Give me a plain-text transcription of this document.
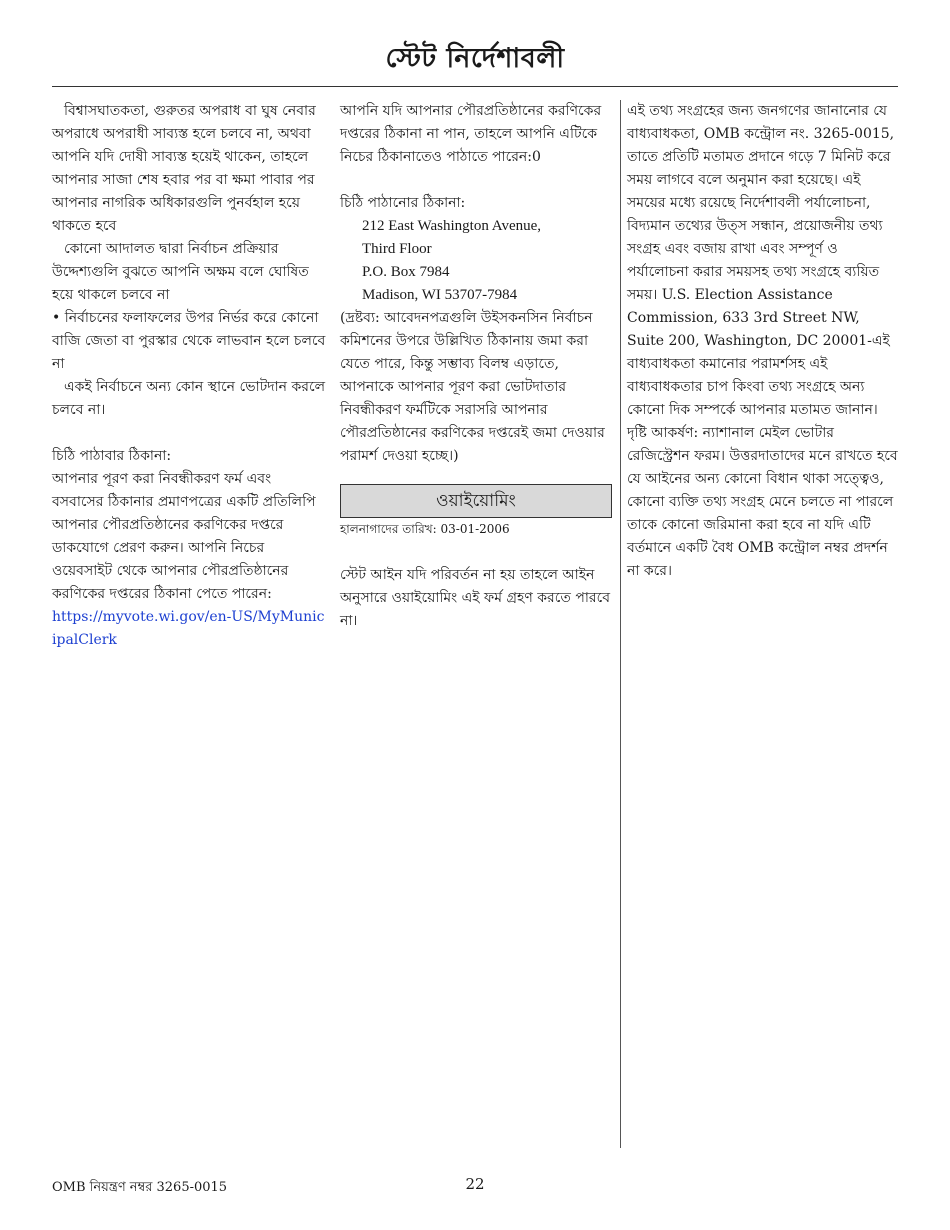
স্টেট নির্দেশাবলী

বিশ্বাসঘাতকতা, গুরুতর অপরাধ বা ঘুষ নেবার অপরাধে অপরাধী সাব্যস্ত হলে চলবে না, অথবা আপনি যদি দোষী সাব্যস্ত হয়েই থাকেন, তাহলে আপনার সাজা শেষ হবার পর বা ক্ষমা পাবার পর আপনার নাগরিক অধিকারগুলি পুনর্বহাল হয়ে থাকতে হবে

কোনো আদালত দ্বারা নির্বাচন প্রক্রিয়ার উদ্দেশ্যগুলি বুঝতে আপনি অক্ষম বলে ঘোষিত হয়ে থাকলে চলবে না

• নির্বাচনের ফলাফলের উপর নির্ভর করে কোনো বাজি জেতা বা পুরস্কার থেকে লাভবান হলে চলবে না

একই নির্বাচনে অন্য কোন স্থানে ভোটদান করলে চলবে না।

চিঠি পাঠাবার ঠিকানা:

আপনার পূরণ করা নিবন্ধীকরণ ফর্ম এবং বসবাসের ঠিকানার প্রমাণপত্রের একটি প্রতিলিপি আপনার পৌরপ্রতিষ্ঠানের করণিকের দপ্তরে ডাকযোগে প্রেরণ করুন। আপনি নিচের ওয়েবসাইট থেকে আপনার পৌরপ্রতিষ্ঠানের করণিকের দপ্তরের ঠিকানা পেতে পারেন:

https://myvote.wi.gov/en-US/MyMunicipalClerk

আপনি যদি আপনার পৌরপ্রতিষ্ঠানের করণিকের দপ্তরের ঠিকানা না পান, তাহলে আপনি এটিকে নিচের ঠিকানাতেও পাঠাতে পারেন:0

চিঠি পাঠানোর ঠিকানা:

212 East Washington Avenue,

Third Floor

P.O. Box 7984

Madison, WI 53707-7984

(দ্রষ্টব্য: আবেদনপত্রগুলি উইসকনসিন নির্বাচন কমিশনের উপরে উল্লিখিত ঠিকানায় জমা করা যেতে পারে, কিন্তু সম্ভাব্য বিলম্ব এড়াতে, আপনাকে আপনার পূরণ করা ভোটদাতার নিবন্ধীকরণ ফর্মটিকে সরাসরি আপনার পৌরপ্রতিষ্ঠানের করণিকের দপ্তরেই জমা দেওয়ার পরামর্শ দেওয়া হচ্ছে।)

ওয়াইয়োমিং

হালনাগাদের তারিখ: 03-01-2006

স্টেট আইন যদি পরিবর্তন না হয় তাহলে আইন অনুসারে ওয়াইয়োমিং এই ফর্ম গ্রহণ করতে পারবে না।

এই তথ্য সংগ্রহের জন্য জনগণের জানানোর যে বাধ্যবাধকতা, OMB কন্ট্রোল নং. 3265-0015, তাতে প্রতিটি মতামত প্রদানে গড়ে 7 মিনিট করে সময় লাগবে বলে অনুমান করা হয়েছে। এই সময়ের মধ্যে রয়েছে নির্দেশাবলী পর্যালোচনা, বিদ্যমান তথ্যের উত্স সন্ধান, প্রয়োজনীয় তথ্য সংগ্রহ এবং বজায় রাখা এবং সম্পূর্ণ ও পর্যালোচনা করার সময়সহ তথ্য সংগ্রহে ব্যয়িত সময়। U.S. Election Assistance Commission, 633 3rd Street NW, Suite 200, Washington, DC 20001-এই বাধ্যবাধকতা কমানোর পরামর্শসহ এই বাধ্যবাধকতার চাপ কিংবা তথ্য সংগ্রহে অন্য কোনো দিক সম্পর্কে আপনার মতামত জানান। দৃষ্টি আকর্ষণ: ন্যাশানাল মেইল ভোটার রেজিস্ট্রেশন ফরম। উত্তরদাতাদের মনে রাখতে হবে যে আইনের অন্য কোনো বিধান থাকা সত্ত্বেও, কোনো ব্যক্তি তথ্য সংগ্রহ মেনে চলতে না পারলে তাকে কোনো জরিমানা করা হবে না যদি এটি বর্তমানে একটি বৈধ OMB কন্ট্রোল নম্বর প্রদর্শন না করে।

OMB নিয়ন্ত্রণ নম্বর 3265-0015	22
